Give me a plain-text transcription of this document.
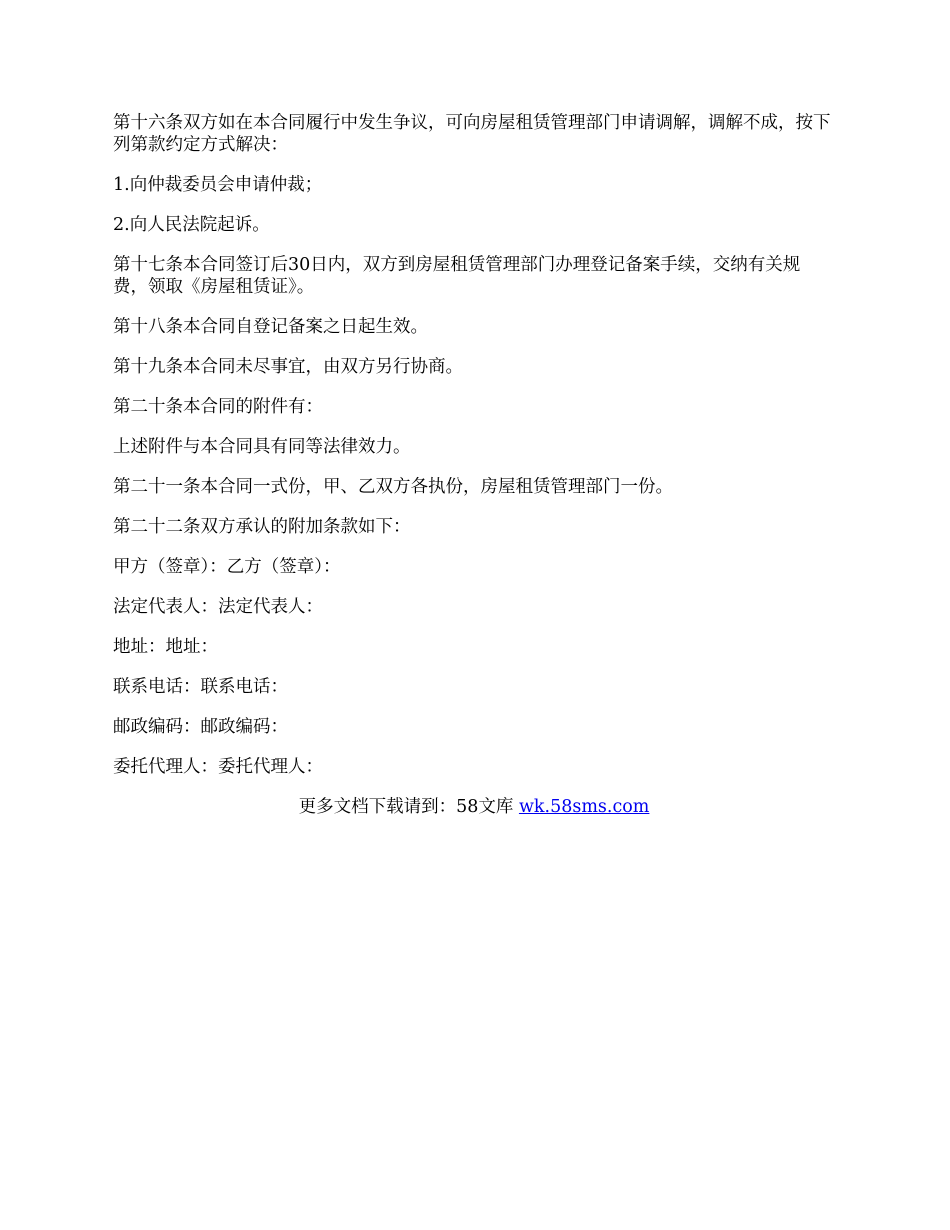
第十六条双方如在本合同履行中发生争议，可向房屋租赁管理部门申请调解，调解不成，按下列第款约定方式解决：

1.向仲裁委员会申请仲裁；

2.向人民法院起诉。

第十七条本合同签订后30日内，双方到房屋租赁管理部门办理登记备案手续，交纳有关规费，领取《房屋租赁证》。

第十八条本合同自登记备案之日起生效。

第十九条本合同未尽事宜，由双方另行协商。

第二十条本合同的附件有：

上述附件与本合同具有同等法律效力。

第二十一条本合同一式份，甲、乙双方各执份，房屋租赁管理部门一份。

第二十二条双方承认的附加条款如下：

甲方（签章）：乙方（签章）：

法定代表人：法定代表人：

地址：地址：

联系电话：联系电话：

邮政编码：邮政编码：

委托代理人：委托代理人：

更多文档下载请到：58文库 wk.58sms.com
